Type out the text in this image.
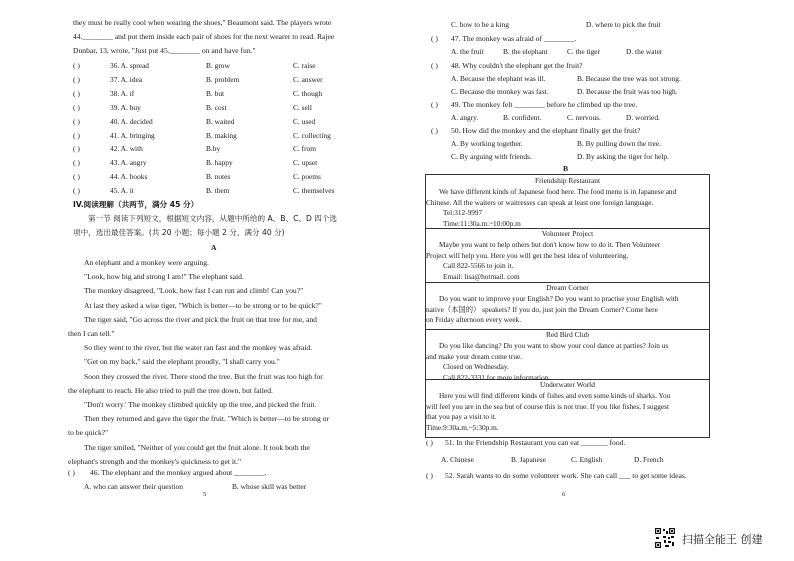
they must be really cool when wearing the shoes," Beaumont said. The players wrote
44.________ and put them inside each pair of shoes for the next wearer to read. Rajee
Dunbar, 13, wrote, "Just put 45.________ on and have fun."
( )	36. A. spread	B. grow	C. raise
( )	37. A. idea	B. problem	C. answer
( )	38. A. if	B. but	C. though
( )	39. A. buy	B. cost	C. sell
( )	40. A. decided	B. waited	C. used
( )	41. A. bringing	B. making	C. collecting
( )	42. A. with	B.by	C. from
( )	43. A. angry	B. happy	C. upset
( )	44. A. books	B. notes	C. poems
( )	45. A. it	B. them	C. themselves
IV.阅读理解（共两节，满分 45 分）
第一节 阅读下列短文，根据短文内容，从题中所给的 A、B、C、D 四个选
项中，选出最佳答案。(共 20 小题；每小题 2 分，满分 40 分)
A
An elephant and a monkey were arguing.
"Look, how big and strong I am!" The elephant said.
The monkey disagreed, "Look, how fast I can run and climb! Can you?"
At last they asked a wise tiger, "Which is better—to be strong or to be quick?"
The tiger said, "Go across the river and pick the fruit on that tree for me, and
then I can tell."
So they went to the river, but the water ran fast and the monkey was afraid.
"Get on my back," said the elephant proudly, "I shall carry you."
Soon they crossed the river. There stood the tree. But the fruit was too high for
the elephant to reach. He also tried to pull the tree down, but failed.
"Don't worry.' The monkey climbed quickly up the tree, and picked the fruit.
Then they returned and gave the tiger the fruit. "Which is better—to be strong or
to be quick?"
The tiger smiled, "Neither of you could get the fruit alone. It took both the
elephant's strength and the monkey's quickness to get it."
( ) 46. The elephant and the monkey argued about ________.
A. who can answer their question	B. whose skill was better
5
C. how to be a king	D. where to pick the fruit
( ) 47. The monkey was afraid of ________.
A. the fruit	B. the elephant	C. the tiger	D. the water
( ) 48. Why couldn't the elephant get the fruit?
A. Because the elephant was ill.	B. Because the tree was not strong.
C. Because the monkey was fast.	D. Because the fruit was too high.
( ) 49. The monkey felt ________ before he climbed up the tree.
A. angry.	B. confident.	C. nervous.	D. worried.
( ) 50. How did the monkey and the elephant finally get the fruit?
A. By working together.	B. By pulling down the tree.
C. By arguing with friends.	D. By asking the tiger for help.
B
Friendship Restaurant
We have different kinds of Japanese food here. The food menu is in Japanese and
Chinese. All the waiters or waitresses can speak at least one foreign language.
Tel:312-9997
Time:11:30a.m.~10:00p.m
Volunteer Project
Maybe you want to help others but don't know how to do it. Then Volunteer
Project will help you. Here you will get the best idea of volunteering.
Call 822-5566 to join it.
Email: lisa@hotmail. com
Dream Corner
Do you want to improve your English? Do you want to practise your English with
native（本国的） speakers? If you do, just join the Dream Corner? Come here
on Friday afternoon every week.
Red Bird Club
Do you like dancing? Do you want to show your cool dance at parties? Join us
and make your dream come true.
Closed on Wednesday.
Call 822-3331 for more information.
Underwater World
Here you will find different kinds of fishes and even some kinds of sharks. You
will feel you are in the sea but of course this is not true. If you like fishes, I suggest
that you pay a visit to it.
Time:9:30a.m.~5:30p.m.
( ) 51. In the Friendship Restaurant you can eat _______ food.
A. Chinese	B. Japanese	C. English	D. French
( ) 52. Sarah wants to do some volunteer work. She can call ___ to get some ideas.
6
扫描全能王 创建
